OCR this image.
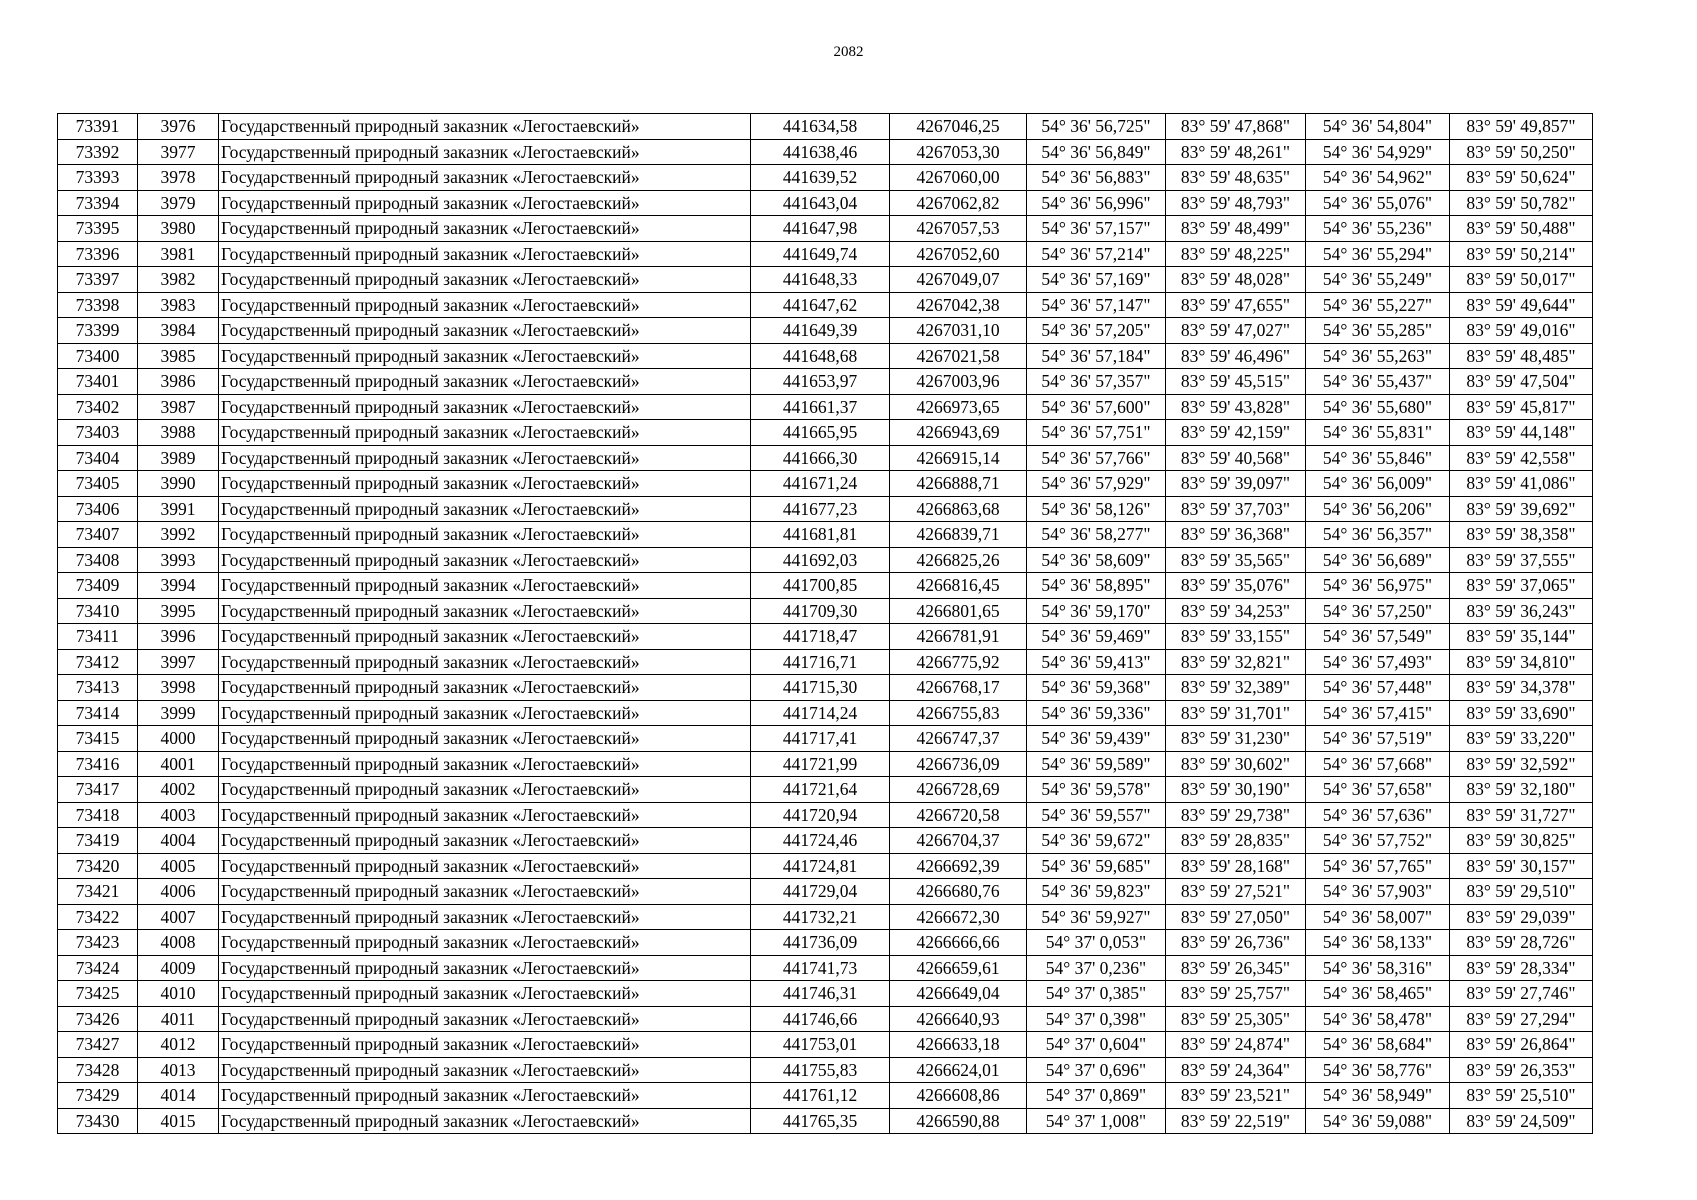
2082
73391	3976	Государственный природный заказник «Легостаевский»	441634,58	4267046,25	54° 36' 56,725"	83° 59' 47,868"	54° 36' 54,804"	83° 59' 49,857"
73392	3977	Государственный природный заказник «Легостаевский»	441638,46	4267053,30	54° 36' 56,849"	83° 59' 48,261"	54° 36' 54,929"	83° 59' 50,250"
73393	3978	Государственный природный заказник «Легостаевский»	441639,52	4267060,00	54° 36' 56,883"	83° 59' 48,635"	54° 36' 54,962"	83° 59' 50,624"
73394	3979	Государственный природный заказник «Легостаевский»	441643,04	4267062,82	54° 36' 56,996"	83° 59' 48,793"	54° 36' 55,076"	83° 59' 50,782"
73395	3980	Государственный природный заказник «Легостаевский»	441647,98	4267057,53	54° 36' 57,157"	83° 59' 48,499"	54° 36' 55,236"	83° 59' 50,488"
73396	3981	Государственный природный заказник «Легостаевский»	441649,74	4267052,60	54° 36' 57,214"	83° 59' 48,225"	54° 36' 55,294"	83° 59' 50,214"
73397	3982	Государственный природный заказник «Легостаевский»	441648,33	4267049,07	54° 36' 57,169"	83° 59' 48,028"	54° 36' 55,249"	83° 59' 50,017"
73398	3983	Государственный природный заказник «Легостаевский»	441647,62	4267042,38	54° 36' 57,147"	83° 59' 47,655"	54° 36' 55,227"	83° 59' 49,644"
73399	3984	Государственный природный заказник «Легостаевский»	441649,39	4267031,10	54° 36' 57,205"	83° 59' 47,027"	54° 36' 55,285"	83° 59' 49,016"
73400	3985	Государственный природный заказник «Легостаевский»	441648,68	4267021,58	54° 36' 57,184"	83° 59' 46,496"	54° 36' 55,263"	83° 59' 48,485"
73401	3986	Государственный природный заказник «Легостаевский»	441653,97	4267003,96	54° 36' 57,357"	83° 59' 45,515"	54° 36' 55,437"	83° 59' 47,504"
73402	3987	Государственный природный заказник «Легостаевский»	441661,37	4266973,65	54° 36' 57,600"	83° 59' 43,828"	54° 36' 55,680"	83° 59' 45,817"
73403	3988	Государственный природный заказник «Легостаевский»	441665,95	4266943,69	54° 36' 57,751"	83° 59' 42,159"	54° 36' 55,831"	83° 59' 44,148"
73404	3989	Государственный природный заказник «Легостаевский»	441666,30	4266915,14	54° 36' 57,766"	83° 59' 40,568"	54° 36' 55,846"	83° 59' 42,558"
73405	3990	Государственный природный заказник «Легостаевский»	441671,24	4266888,71	54° 36' 57,929"	83° 59' 39,097"	54° 36' 56,009"	83° 59' 41,086"
73406	3991	Государственный природный заказник «Легостаевский»	441677,23	4266863,68	54° 36' 58,126"	83° 59' 37,703"	54° 36' 56,206"	83° 59' 39,692"
73407	3992	Государственный природный заказник «Легостаевский»	441681,81	4266839,71	54° 36' 58,277"	83° 59' 36,368"	54° 36' 56,357"	83° 59' 38,358"
73408	3993	Государственный природный заказник «Легостаевский»	441692,03	4266825,26	54° 36' 58,609"	83° 59' 35,565"	54° 36' 56,689"	83° 59' 37,555"
73409	3994	Государственный природный заказник «Легостаевский»	441700,85	4266816,45	54° 36' 58,895"	83° 59' 35,076"	54° 36' 56,975"	83° 59' 37,065"
73410	3995	Государственный природный заказник «Легостаевский»	441709,30	4266801,65	54° 36' 59,170"	83° 59' 34,253"	54° 36' 57,250"	83° 59' 36,243"
73411	3996	Государственный природный заказник «Легостаевский»	441718,47	4266781,91	54° 36' 59,469"	83° 59' 33,155"	54° 36' 57,549"	83° 59' 35,144"
73412	3997	Государственный природный заказник «Легостаевский»	441716,71	4266775,92	54° 36' 59,413"	83° 59' 32,821"	54° 36' 57,493"	83° 59' 34,810"
73413	3998	Государственный природный заказник «Легостаевский»	441715,30	4266768,17	54° 36' 59,368"	83° 59' 32,389"	54° 36' 57,448"	83° 59' 34,378"
73414	3999	Государственный природный заказник «Легостаевский»	441714,24	4266755,83	54° 36' 59,336"	83° 59' 31,701"	54° 36' 57,415"	83° 59' 33,690"
73415	4000	Государственный природный заказник «Легостаевский»	441717,41	4266747,37	54° 36' 59,439"	83° 59' 31,230"	54° 36' 57,519"	83° 59' 33,220"
73416	4001	Государственный природный заказник «Легостаевский»	441721,99	4266736,09	54° 36' 59,589"	83° 59' 30,602"	54° 36' 57,668"	83° 59' 32,592"
73417	4002	Государственный природный заказник «Легостаевский»	441721,64	4266728,69	54° 36' 59,578"	83° 59' 30,190"	54° 36' 57,658"	83° 59' 32,180"
73418	4003	Государственный природный заказник «Легостаевский»	441720,94	4266720,58	54° 36' 59,557"	83° 59' 29,738"	54° 36' 57,636"	83° 59' 31,727"
73419	4004	Государственный природный заказник «Легостаевский»	441724,46	4266704,37	54° 36' 59,672"	83° 59' 28,835"	54° 36' 57,752"	83° 59' 30,825"
73420	4005	Государственный природный заказник «Легостаевский»	441724,81	4266692,39	54° 36' 59,685"	83° 59' 28,168"	54° 36' 57,765"	83° 59' 30,157"
73421	4006	Государственный природный заказник «Легостаевский»	441729,04	4266680,76	54° 36' 59,823"	83° 59' 27,521"	54° 36' 57,903"	83° 59' 29,510"
73422	4007	Государственный природный заказник «Легостаевский»	441732,21	4266672,30	54° 36' 59,927"	83° 59' 27,050"	54° 36' 58,007"	83° 59' 29,039"
73423	4008	Государственный природный заказник «Легостаевский»	441736,09	4266666,66	54° 37' 0,053"	83° 59' 26,736"	54° 36' 58,133"	83° 59' 28,726"
73424	4009	Государственный природный заказник «Легостаевский»	441741,73	4266659,61	54° 37' 0,236"	83° 59' 26,345"	54° 36' 58,316"	83° 59' 28,334"
73425	4010	Государственный природный заказник «Легостаевский»	441746,31	4266649,04	54° 37' 0,385"	83° 59' 25,757"	54° 36' 58,465"	83° 59' 27,746"
73426	4011	Государственный природный заказник «Легостаевский»	441746,66	4266640,93	54° 37' 0,398"	83° 59' 25,305"	54° 36' 58,478"	83° 59' 27,294"
73427	4012	Государственный природный заказник «Легостаевский»	441753,01	4266633,18	54° 37' 0,604"	83° 59' 24,874"	54° 36' 58,684"	83° 59' 26,864"
73428	4013	Государственный природный заказник «Легостаевский»	441755,83	4266624,01	54° 37' 0,696"	83° 59' 24,364"	54° 36' 58,776"	83° 59' 26,353"
73429	4014	Государственный природный заказник «Легостаевский»	441761,12	4266608,86	54° 37' 0,869"	83° 59' 23,521"	54° 36' 58,949"	83° 59' 25,510"
73430	4015	Государственный природный заказник «Легостаевский»	441765,35	4266590,88	54° 37' 1,008"	83° 59' 22,519"	54° 36' 59,088"	83° 59' 24,509"
